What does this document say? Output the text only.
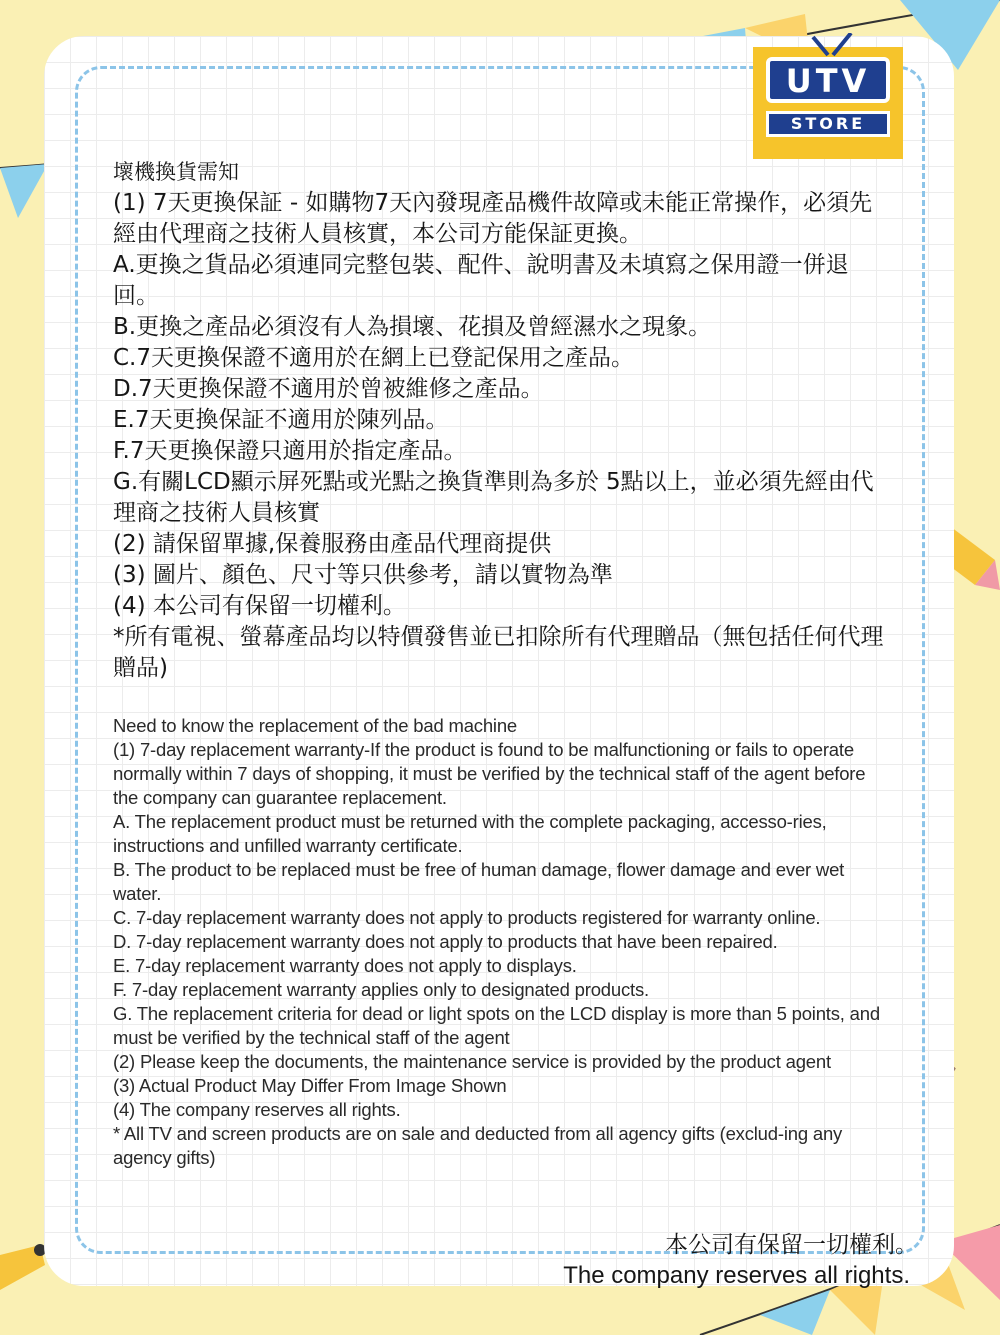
UTV
STORE

壞機換貨需知

(1) 7天更換保証 - 如購物7天內發現產品機件故障或未能正常操作，必須先經由代理商之技術人員核實，本公司方能保証更換。

A.更換之貨品必須連同完整包裝、配件、說明書及未填寫之保用證一併退回。

B.更換之產品必須沒有人為損壞、花損及曾經濕水之現象。

C.7天更換保證不適用於在網上已登記保用之產品。

D.7天更換保證不適用於曾被維修之產品。

E.7天更換保証不適用於陳列品。

F.7天更換保證只適用於指定產品。

G.有關LCD顯示屏死點或光點之換貨準則為多於 5點以上，並必須先經由代理商之技術人員核實

(2) 請保留單據,保養服務由產品代理商提供

(3) 圖片、顏色、尺寸等只供參考，請以實物為準

(4) 本公司有保留一切權利。

*所有電視、螢幕產品均以特價發售並已扣除所有代理贈品（無包括任何代理贈品)

Need to know the replacement of the bad machine

(1) 7-day replacement warranty-If the product is found to be malfunctioning or fails to operate normally within 7 days of shopping, it must be verified by the technical staff of the agent before the company can guarantee replacement.

A. The replacement product must be returned with the complete packaging, accesso-ries, instructions and unfilled warranty certificate.

B. The product to be replaced must be free of human damage, flower damage and ever wet water.

C. 7-day replacement warranty does not apply to products registered for warranty online.

D. 7-day replacement warranty does not apply to products that have been repaired.

E. 7-day replacement warranty does not apply to displays.

F. 7-day replacement warranty applies only to designated products.

G. The replacement criteria for dead or light spots on the LCD display is more than 5 points, and must be verified by the technical staff of the agent

(2) Please keep the documents, the maintenance service is provided by the product agent

(3) Actual Product May Differ From Image Shown

(4) The company reserves all rights.

* All TV and screen products are on sale and deducted from all agency gifts (exclud-ing any agency gifts)

本公司有保留一切權利。

The company reserves all rights.
